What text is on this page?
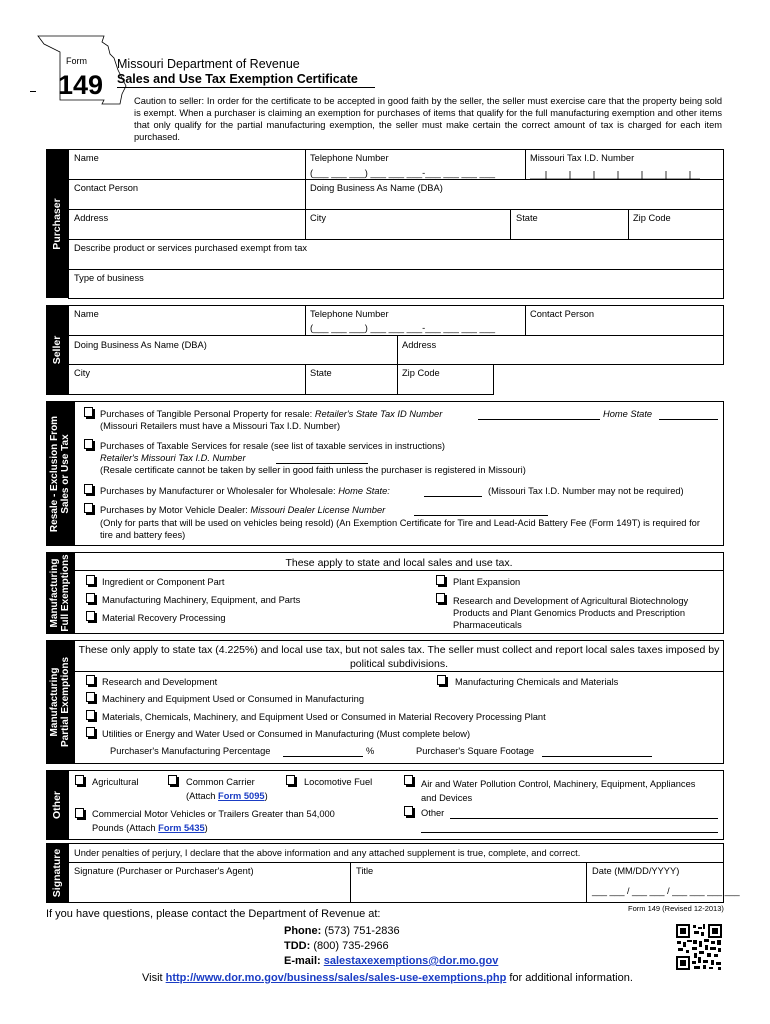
Form
149
Missouri Department of Revenue
Sales and Use Tax Exemption Certificate
Caution to seller: In order for the certificate to be accepted in good faith by the seller, the seller must exercise care that the property being sold is exempt. When a purchaser is claiming an exemption for purchases of items that qualify for the full manufacturing exemption and other items that only qualify for the partial manufacturing exemption, the seller must make certain the correct amount of tax is charged for each item purchased.
Purchaser
Name	Telephone Number
(___ ___ ___) ___ ___ ___-___ ___ ___ ___
Missouri Tax I.D. Number
Contact Person	Doing Business As Name (DBA)
Address	City	State	Zip Code
Describe product or services purchased exempt from tax
Type of business
Seller
Name	Telephone Number
(___ ___ ___) ___ ___ ___-___ ___ ___ ___
Contact Person
Doing Business As Name (DBA)	Address
City	State	Zip Code
Resale - Exclusion From
Sales or Use Tax
Purchases of Tangible Personal Property for resale: Retailer's State Tax ID Number	Home State
(Missouri Retailers must have a Missouri Tax I.D. Number)
Purchases of Taxable Services for resale (see list of taxable services in instructions)
Retailer's Missouri Tax I.D. Number
(Resale certificate cannot be taken by seller in good faith unless the purchaser is registered in Missouri)
Purchases by Manufacturer or Wholesaler for Wholesale: Home State:	(Missouri Tax I.D. Number may not be required)
Purchases by Motor Vehicle Dealer: Missouri Dealer License Number
(Only for parts that will be used on vehicles being resold) (An Exemption Certificate for Tire and Lead-Acid Battery Fee (Form 149T) is required for tire and battery fees)
Manufacturing
Full Exemptions	These apply to state and local sales and use tax.
Ingredient or Component Part
Manufacturing Machinery, Equipment, and Parts
Material Recovery Processing
Plant Expansion
Research and Development of Agricultural Biotechnology Products and Plant Genomics Products and Prescription Pharmaceuticals
Manufacturing
Partial Exemptions
These only apply to state tax (4.225%) and local use tax, but not sales tax. The seller must collect and report local sales taxes imposed by political subdivisions.
Research and Development	Manufacturing Chemicals and Materials
Machinery and Equipment Used or Consumed in Manufacturing
Materials, Chemicals, Machinery, and Equipment Used or Consumed in Material Recovery Processing Plant
Utilities or Energy and Water Used or Consumed in Manufacturing (Must complete below)
Purchaser's Manufacturing Percentage	%	Purchaser's Square Footage
Other
Agricultural	Common Carrier
(Attach Form 5095)
Locomotive Fuel	Air and Water Pollution Control, Machinery, Equipment, Appliances and Devices
Commercial Motor Vehicles or Trailers Greater than 54,000
Pounds (Attach Form 5435)
Other
Signature Under penalties of perjury, I declare that the above information and any attached supplement is true, complete, and correct.
Signature (Purchaser or Purchaser's Agent)	Title	Date (MM/DD/YYYY)
___ ___ / ___ ___ / ___ ___ ___ ___
Form 149 (Revised 12-2013)
If you have questions, please contact the Department of Revenue at:
Phone: (573) 751-2836
TDD: (800) 735-2966
E-mail: salestaxexemptions@dor.mo.gov
Visit http://www.dor.mo.gov/business/sales/sales-use-exemptions.php for additional information.
